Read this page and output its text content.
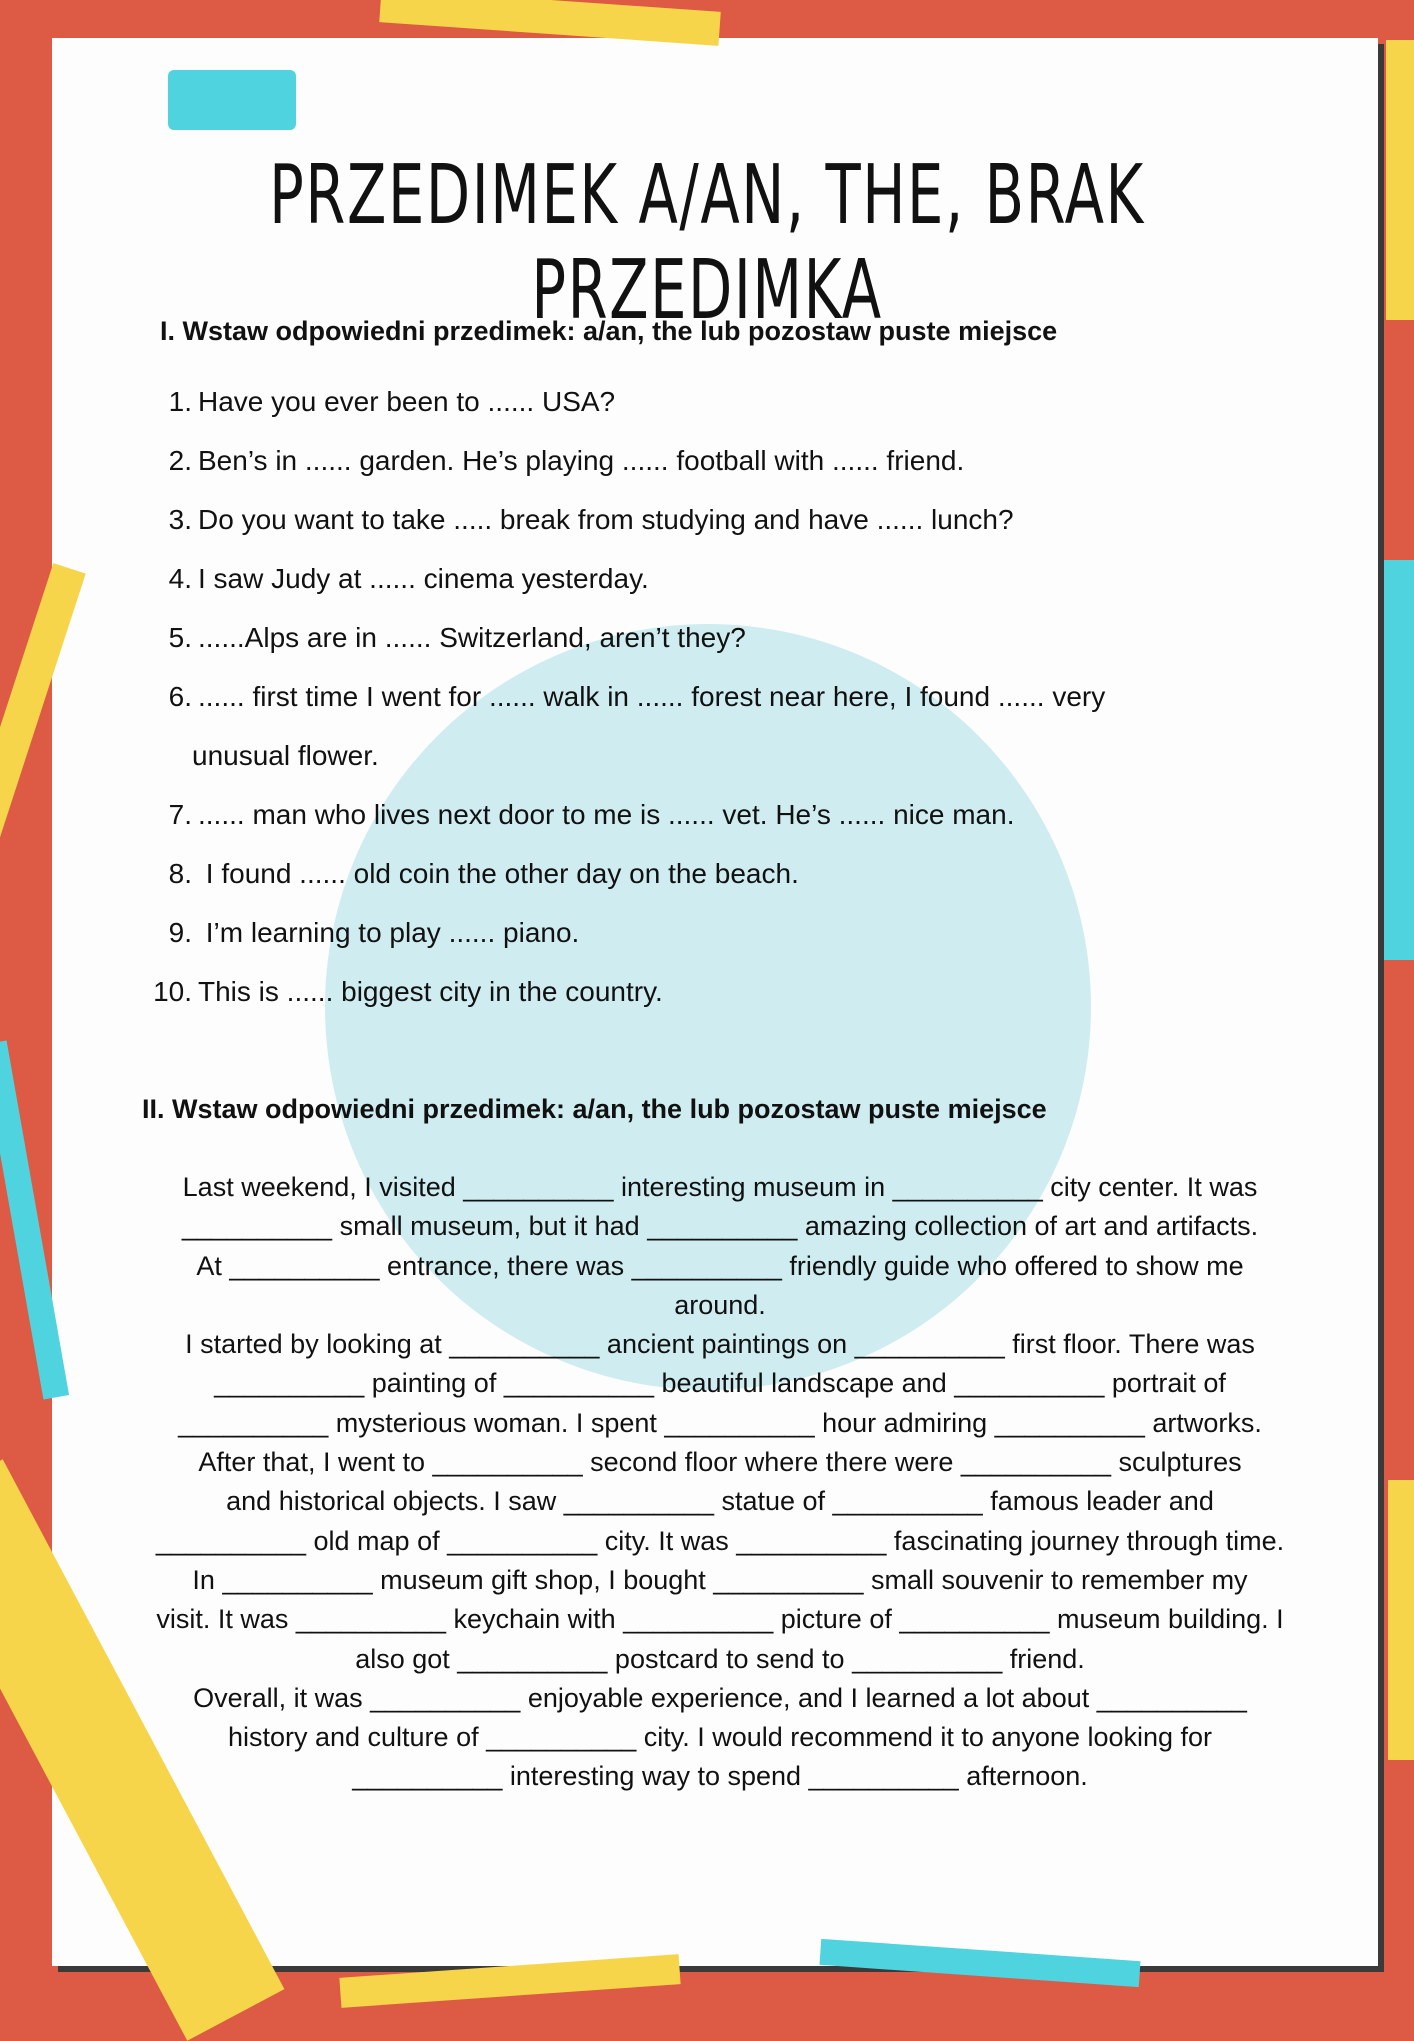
PRZEDIMEK A/AN, THE, BRAK PRZEDIMKA
I. Wstaw odpowiedni przedimek: a/an, the lub pozostaw puste miejsce
1. Have you ever been to ...... USA?
2. Ben’s in ...... garden. He’s playing ...... football with ...... friend.
3. Do you want to take ..... break from studying and have ...... lunch?
4. I saw Judy at ...... cinema yesterday.
5. ......Alps are in ...... Switzerland, aren’t they?
6. ...... first time I went for ...... walk in ...... forest near here, I found ...... very
unusual flower.
7. ...... man who lives next door to me is ...... vet. He’s ...... nice man.
8. I found ...... old coin the other day on the beach.
9. I’m learning to play ...... piano.
10. This is ...... biggest city in the country.
II. Wstaw odpowiedni przedimek: a/an, the lub pozostaw puste miejsce
Last weekend, I visited __________ interesting museum in __________ city center. It was
__________ small museum, but it had __________ amazing collection of art and artifacts.
At __________ entrance, there was __________ friendly guide who offered to show me
around.
I started by looking at __________ ancient paintings on __________ first floor. There was
__________ painting of __________ beautiful landscape and __________ portrait of
__________ mysterious woman. I spent __________ hour admiring __________ artworks.
After that, I went to __________ second floor where there were __________ sculptures
and historical objects. I saw __________ statue of __________ famous leader and
__________ old map of __________ city. It was __________ fascinating journey through time.
In __________ museum gift shop, I bought __________ small souvenir to remember my
visit. It was __________ keychain with __________ picture of __________ museum building. I
also got __________ postcard to send to __________ friend.
Overall, it was __________ enjoyable experience, and I learned a lot about __________
history and culture of __________ city. I would recommend it to anyone looking for
__________ interesting way to spend __________ afternoon.
